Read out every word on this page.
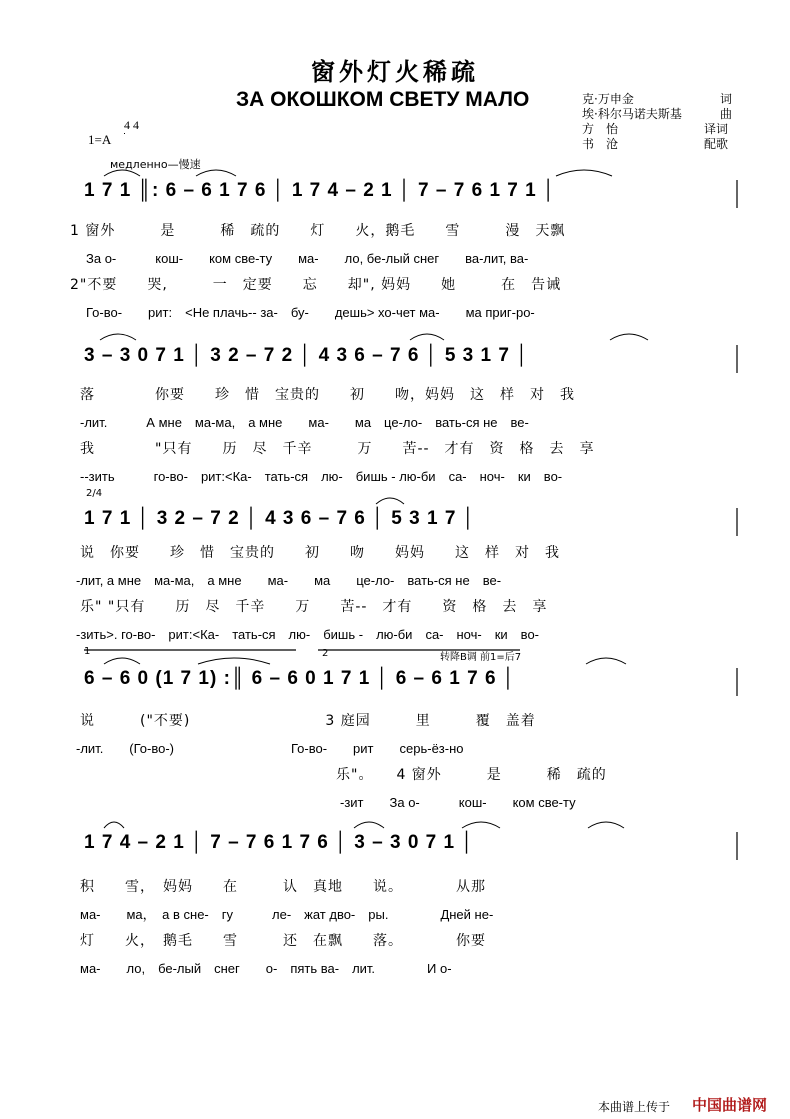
窗外灯火稀疏
ЗА ОКОШКОМ СВЕТУ МАЛО	克·万申金	词
埃·科尔马诺夫斯基	曲
方　怡	译词
书　沧	配歌
1=A
4 4
медленно—慢速
1 7 1 ║: 6 – 6 1 7 6 │ 1 7 4 – 2 1 │ 7 – 7 6 1 7 1 │
1 窗外　　　是　　　稀　疏的　　灯　　火，鹅毛　　雪　　　漫　天飘
За о-　　　кош-　　ком све-ту　　ма-　　ло, бе-лый снег　　ва-лит, ва-
2"不要　　哭,　　　一　定要　　忘　　却", 妈妈　　她　　　在　告诫
Го-во-　　рит:　<Не плачь-- за-　бу-　　дешь> хо-чет ма-　　ма приг-ро-
3 – 3 0 7 1 │ 3 2 – 7 2 │ 4 3 6 – 7 6 │ 5 3 1 7 │
落　　　　你要　　珍　惜　宝贵的　　初　　吻，妈妈　这　样　对　我
-лит.　　　А мне　ма-ма,　а мне　　ма-　　ма　це-ло-　вать-ся не　ве-
我　　　　"只有　　历　尽　千辛　　　万　　苦--　才有　资　格　去　享
--зить　　　го-во-　рит:<Ка-　тать-ся　лю-　бишь - лю-би　са-　ноч-　ки　во-
2/4
1 7 1 │ 3 2 – 7 2 │ 4 3 6 – 7 6 │ 5 3 1 7 │
说　你要　　珍　惜　宝贵的　　初　　吻　　妈妈　　这　样　对　我
-лит, а мне　ма-ма,　а мне　　ма-　　ма　　це-ло-　вать-ся не　ве-
乐" "只有　　历　尽　千辛　　万　　苦--　才有　　资　格　去　享
-зить>. го-во-　рит:<Ка-　тать-ся　лю-　бишь -　лю-би　са-　ноч-　ки　во-
1	2	转降B调 前1=后7
6 – 6 0 (1 7 1) :║ 6 – 6 0 1 7 1 │ 6 – 6 1 7 6 │
说　　　("不要)　　　　　　　　　3 庭园　　　里　　　覆　盖着
-лит.　　(Го-во-)　　　　　　　　　Го-во-　　рит　　серь-ёз-но
乐"。　　4 窗外　　　是　　　稀　疏的
-зит　　За о-　　　кош-　　ком све-ту
1 7 4 – 2 1 │ 7 – 7 6 1 7 6 │ 3 – 3 0 7 1 │
积　　雪，　妈妈　　在　　　认　真地　　说。　　　　从那
ма-　　ма，　а в сне-　гу　　　ле-　жат дво-　ры.　　　　Дней не-
灯　　火，　鹅毛　　雪　　　还　在飘　　落。　　　　你要
ма-　　ло,　бе-лый　снег　　о-　пять ва-　лит.　　　　И о-
本曲谱上传于 中国曲谱网
